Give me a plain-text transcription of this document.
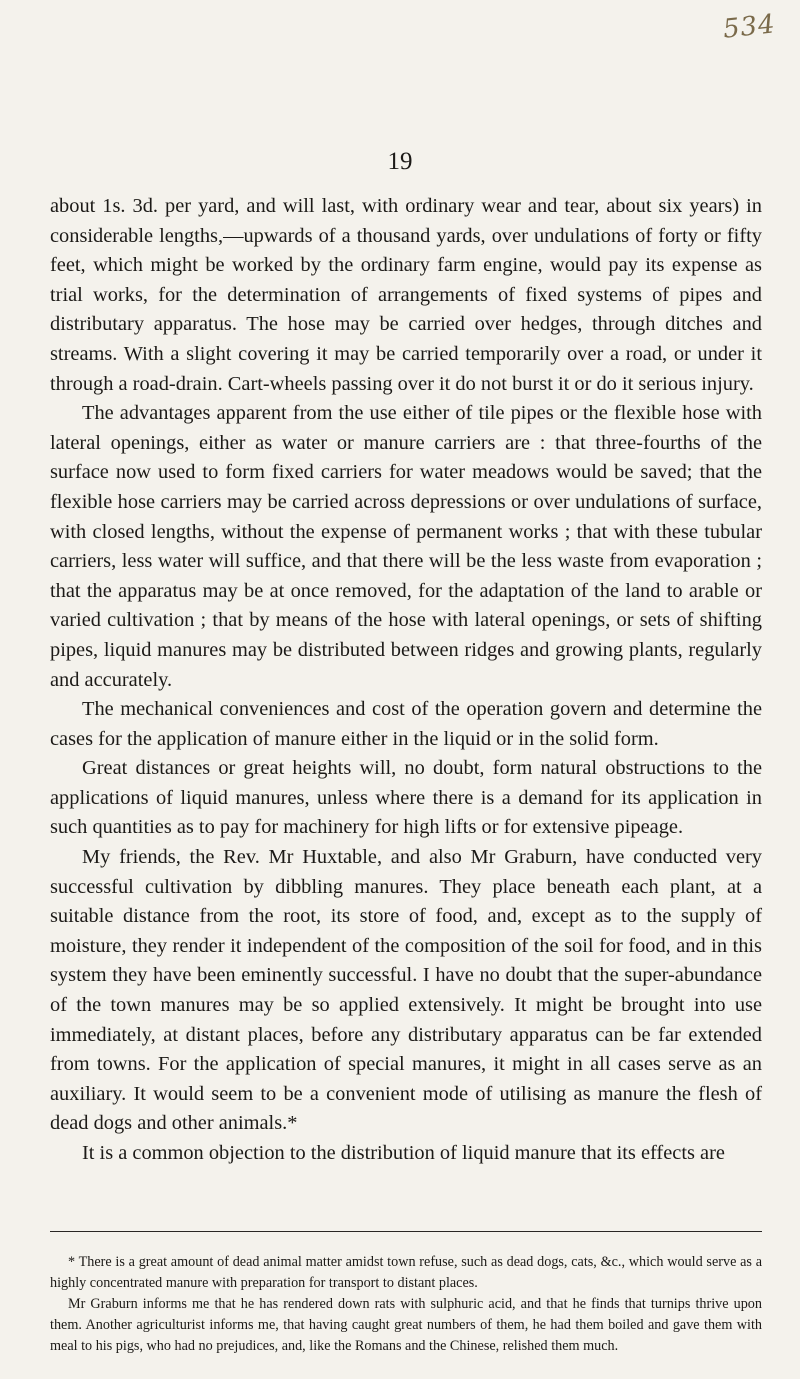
534
19

about 1s. 3d. per yard, and will last, with ordinary wear and tear, about six years) in considerable lengths,—upwards of a thousand yards, over undulations of forty or fifty feet, which might be worked by the ordinary farm engine, would pay its expense as trial works, for the determination of arrangements of fixed systems of pipes and distributary apparatus. The hose may be carried over hedges, through ditches and streams. With a slight covering it may be carried temporarily over a road, or under it through a road-drain. Cart-wheels passing over it do not burst it or do it serious injury.

The advantages apparent from the use either of tile pipes or the flexible hose with lateral openings, either as water or manure carriers are : that three-fourths of the surface now used to form fixed carriers for water meadows would be saved; that the flexible hose carriers may be carried across depressions or over undulations of surface, with closed lengths, without the expense of permanent works ; that with these tubular carriers, less water will suffice, and that there will be the less waste from evaporation ; that the apparatus may be at once removed, for the adaptation of the land to arable or varied cultivation ; that by means of the hose with lateral openings, or sets of shifting pipes, liquid manures may be distributed between ridges and growing plants, regularly and accurately.

The mechanical conveniences and cost of the operation govern and determine the cases for the application of manure either in the liquid or in the solid form.

Great distances or great heights will, no doubt, form natural obstructions to the applications of liquid manures, unless where there is a demand for its application in such quantities as to pay for machinery for high lifts or for extensive pipeage.

My friends, the Rev. Mr Huxtable, and also Mr Graburn, have conducted very successful cultivation by dibbling manures. They place beneath each plant, at a suitable distance from the root, its store of food, and, except as to the supply of moisture, they render it independent of the composition of the soil for food, and in this system they have been eminently successful. I have no doubt that the super-abundance of the town manures may be so applied extensively. It might be brought into use immediately, at distant places, before any distributary apparatus can be far extended from towns. For the application of special manures, it might in all cases serve as an auxiliary. It would seem to be a convenient mode of utilising as manure the flesh of dead dogs and other animals.*

It is a common objection to the distribution of liquid manure that its effects are

* There is a great amount of dead animal matter amidst town refuse, such as dead dogs, cats, &c., which would serve as a highly concentrated manure with preparation for transport to distant places.

Mr Graburn informs me that he has rendered down rats with sulphuric acid, and that he finds that turnips thrive upon them. Another agriculturist informs me, that having caught great numbers of them, he had them boiled and gave them with meal to his pigs, who had no prejudices, and, like the Romans and the Chinese, relished them much.
